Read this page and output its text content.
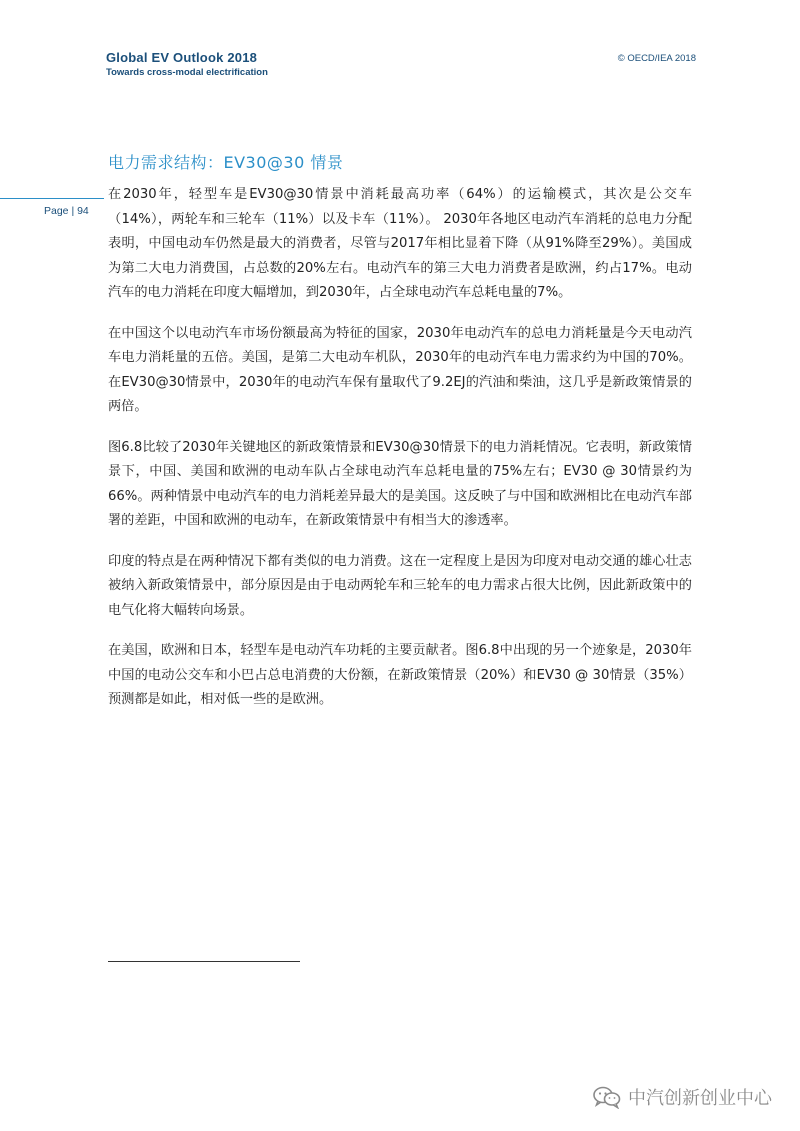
Global EV Outlook 2018
Towards cross-modal electrification
© OECD/IEA 2018
Page | 94
电力需求结构：EV30@30 情景

在2030年，轻型车是EV30@30情景中消耗最高功率（64%）的运输模式，其次是公交车（14%），两轮车和三轮车（11%）以及卡车（11%）。 2030年各地区电动汽车消耗的总电力分配表明，中国电动车仍然是最大的消费者，尽管与2017年相比显着下降（从91%降至29%）。美国成为第二大电力消费国，占总数的20%左右。电动汽车的第三大电力消费者是欧洲，约占17%。电动汽车的电力消耗在印度大幅增加，到2030年，占全球电动汽车总耗电量的7%。

在中国这个以电动汽车市场份额最高为特征的国家，2030年电动汽车的总电力消耗量是今天电动汽车电力消耗量的五倍。美国，是第二大电动车机队，2030年的电动汽车电力需求约为中国的70%。在EV30@30情景中，2030年的电动汽车保有量取代了9.2EJ的汽油和柴油，这几乎是新政策情景的两倍。

图6.8比较了2030年关键地区的新政策情景和EV30@30情景下的电力消耗情况。它表明，新政策情景下，中国、美国和欧洲的电动车队占全球电动汽车总耗电量的75%左右；EV30 @ 30情景约为66%。两种情景中电动汽车的电力消耗差异最大的是美国。这反映了与中国和欧洲相比在电动汽车部署的差距，中国和欧洲的电动车，在新政策情景中有相当大的渗透率。

印度的特点是在两种情况下都有类似的电力消费。这在一定程度上是因为印度对电动交通的雄心壮志被纳入新政策情景中，部分原因是由于电动两轮车和三轮车的电力需求占很大比例，因此新政策中的电气化将大幅转向场景。

在美国，欧洲和日本，轻型车是电动汽车功耗的主要贡献者。图6.8中出现的另一个迹象是，2030年中国的电动公交车和小巴占总电消费的大份额，在新政策情景（20%）和EV30 @ 30情景（35%）预测都是如此，相对低一些的是欧洲。

中汽创新创业中心
